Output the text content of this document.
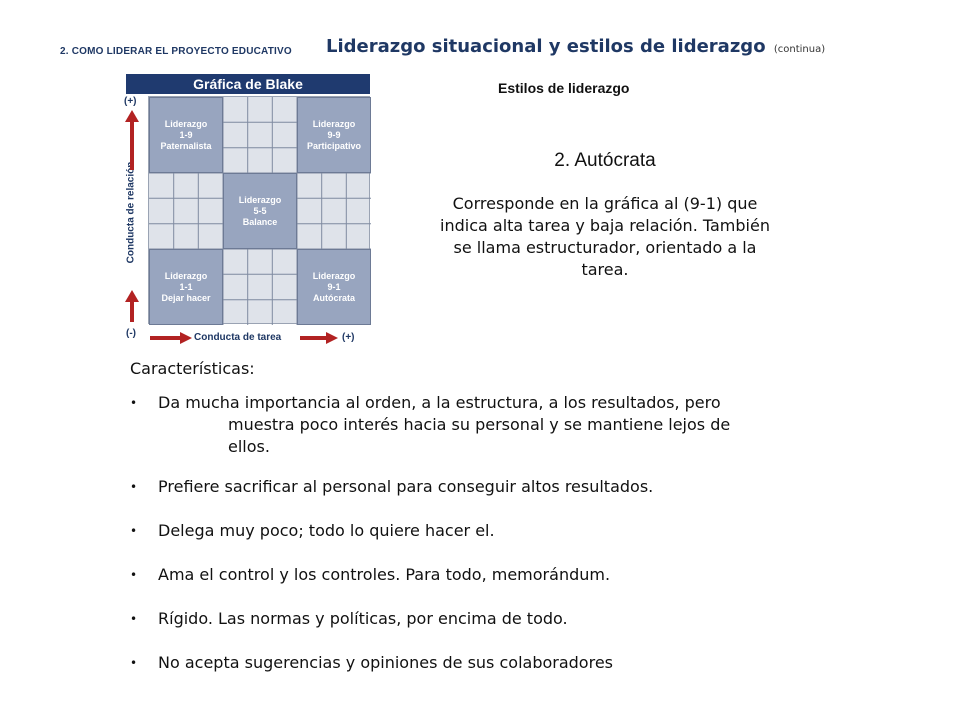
2. COMO LIDERAR EL PROYECTO EDUCATIVO Liderazgo situacional y estilos de liderazgo (continua)
Estilos de liderazgo
Gráfica de Blake
(+)
Conducta de relación
Liderazgo
1-9
Paternalista
Liderazgo
9-9
Participativo
Liderazgo
5-5
Balance
Liderazgo
1-1
Dejar hacer
Liderazgo
9-1
Autócrata
(-)	Conducta de tarea	(+)
2. Autócrata
Corresponde en la gráfica al (9-1) que indica alta tarea y baja relación. También se llama estructurador, orientado a la tarea.
Características:
• Da mucha importancia al orden, a la estructura, a los resultados, pero
muestra poco interés hacia su personal y se mantiene lejos de
ellos.
• Prefiere sacrificar al personal para conseguir altos resultados.
• Delega muy poco; todo lo quiere hacer el.
• Ama el control y los controles. Para todo, memorándum.
• Rígido. Las normas y políticas, por encima de todo.
• No acepta sugerencias y opiniones de sus colaboradores
